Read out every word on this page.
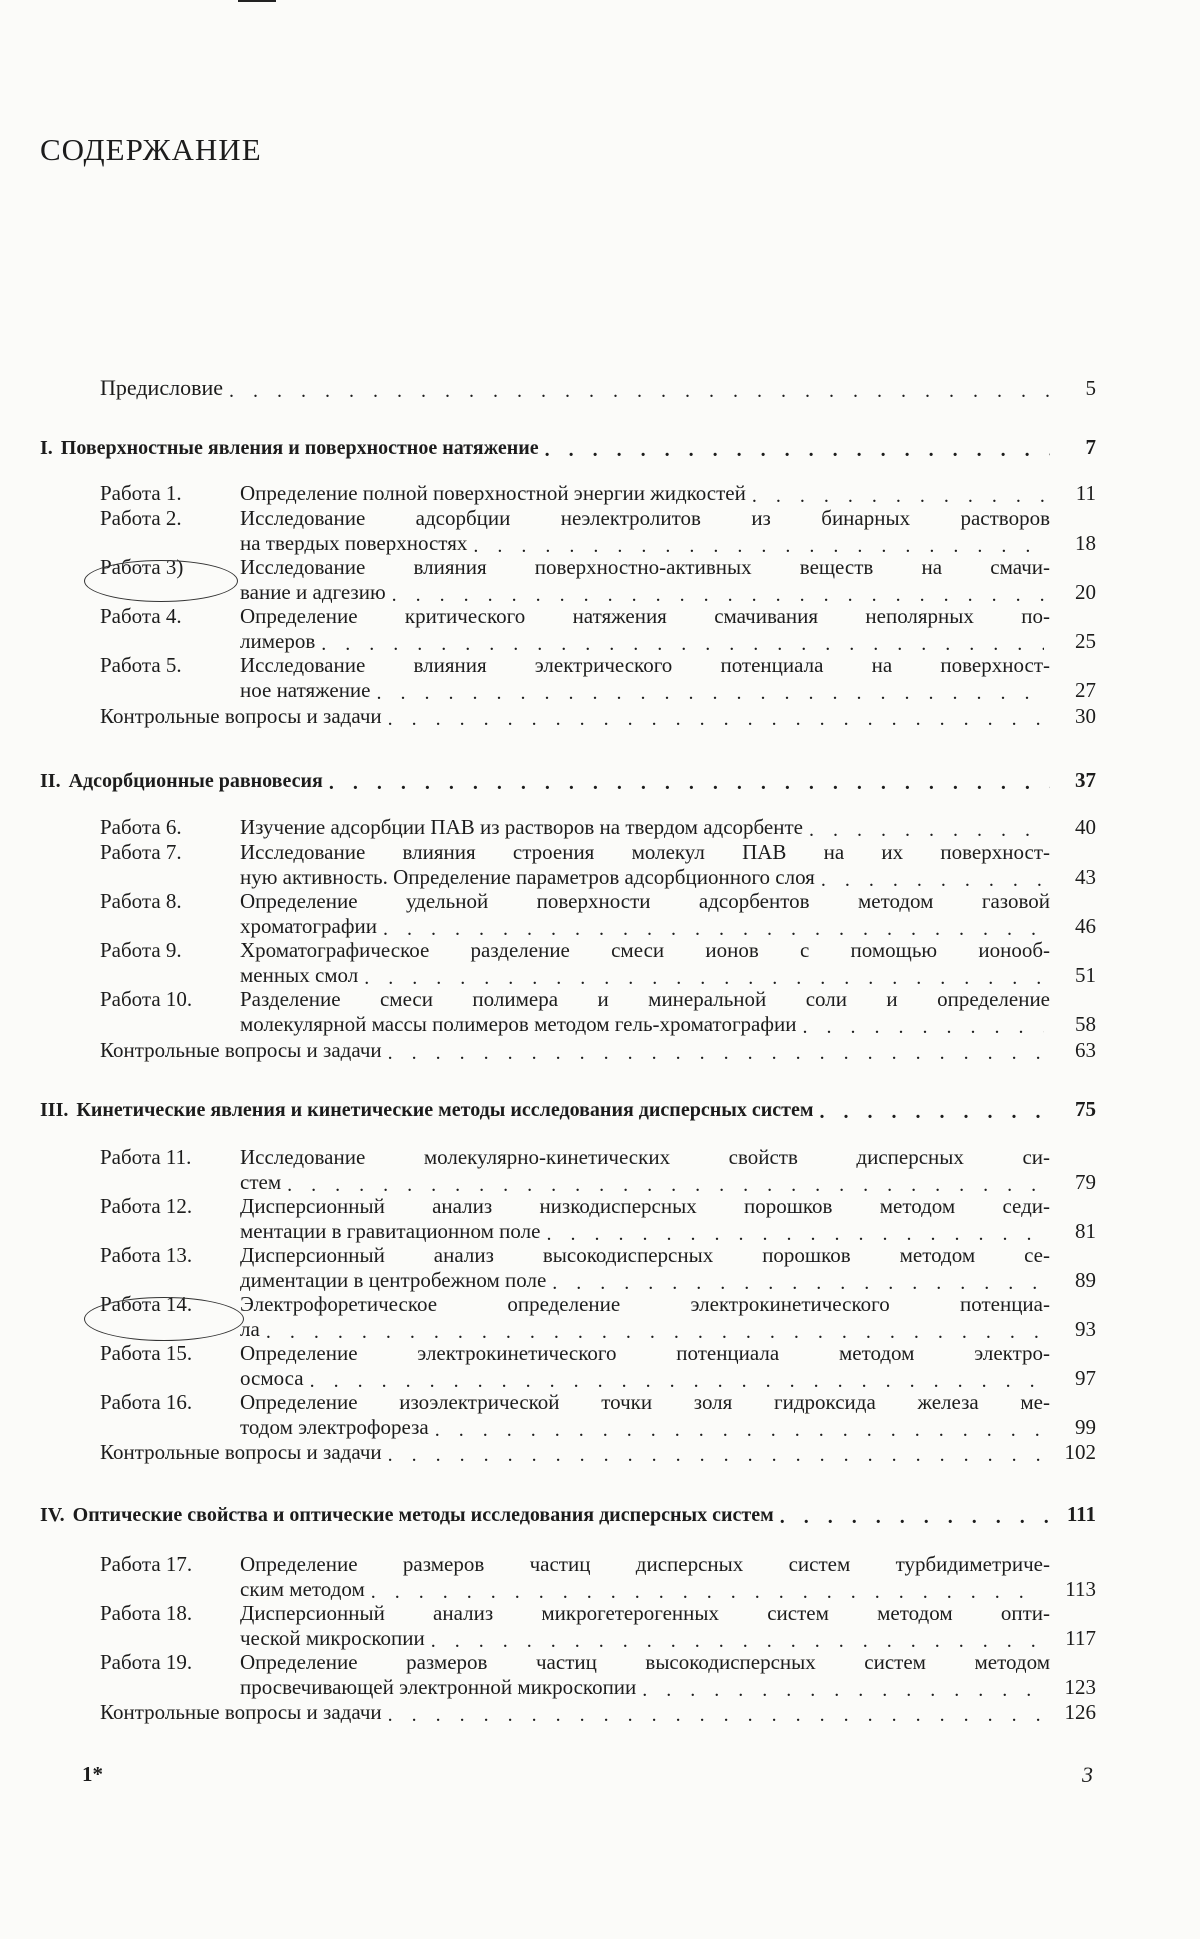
СОДЕРЖАНИЕ
Предисловие . . .	5
I. Поверхностные явления и поверхностное натяжение . . .	7
Работа 1.	Определение полной поверхностной энергии жидкостей . . .	11
Работа 2.	Исследование адсорбции неэлектролитов из бинарных растворов
на твердых поверхностях . . .	18
Работа 3)	Исследование влияния поверхностно-активных веществ на смачи-
вание и адгезию . . .	20
Работа 4.	Определение критического натяжения смачивания неполярных по-
лимеров . . .	25
Работа 5.	Исследование влияния электрического потенциала на поверхност-
ное натяжение . . .	27
Контрольные вопросы и задачи . . .	30
II. Адсорбционные равновесия . . .	37
Работа 6.	Изучение адсорбции ПАВ из растворов на твердом адсорбенте . . .	40
Работа 7.	Исследование влияния строения молекул ПАВ на их поверхност-
ную активность. Определение параметров адсорбционного слоя . . .	43
Работа 8.	Определение удельной поверхности адсорбентов методом газовой
хроматографии . . .	46
Работа 9.	Хроматографическое разделение смеси ионов с помощью ионооб-
менных смол . . .	51
Работа 10.	Разделение смеси полимера и минеральной соли и определение
молекулярной массы полимеров методом гель-хроматографии . . .	58
Контрольные вопросы и задачи . . .	63
III. Кинетические явления и кинетические методы исследования дисперсных систем . . .	75
Работа 11.	Исследование молекулярно-кинетических свойств дисперсных си-
стем . . .	79
Работа 12.	Дисперсионный анализ низкодисперсных порошков методом седи-
ментации в гравитационном поле . . .	81
Работа 13.	Дисперсионный анализ высокодисперсных порошков методом се-
диментации в центробежном поле . . .	89
Работа 14.	Электрофоретическое определение электрокинетического потенциа-
ла . . .	93
Работа 15.	Определение электрокинетического потенциала методом электро-
осмоса . . .	97
Работа 16.	Определение изоэлектрической точки золя гидроксида железа ме-
тодом электрофореза . . .	99
Контрольные вопросы и задачи . . .	102
IV. Оптические свойства и оптические методы исследования дисперсных систем . . .	111
Работа 17.	Определение размеров частиц дисперсных систем турбидиметриче-
ским методом . . .	113
Работа 18.	Дисперсионный анализ микрогетерогенных систем методом опти-
ческой микроскопии . . .	117
Работа 19.	Определение размеров частиц высокодисперсных систем методом
просвечивающей электронной микроскопии . . .	123
Контрольные вопросы и задачи . . .	126
1*	3
